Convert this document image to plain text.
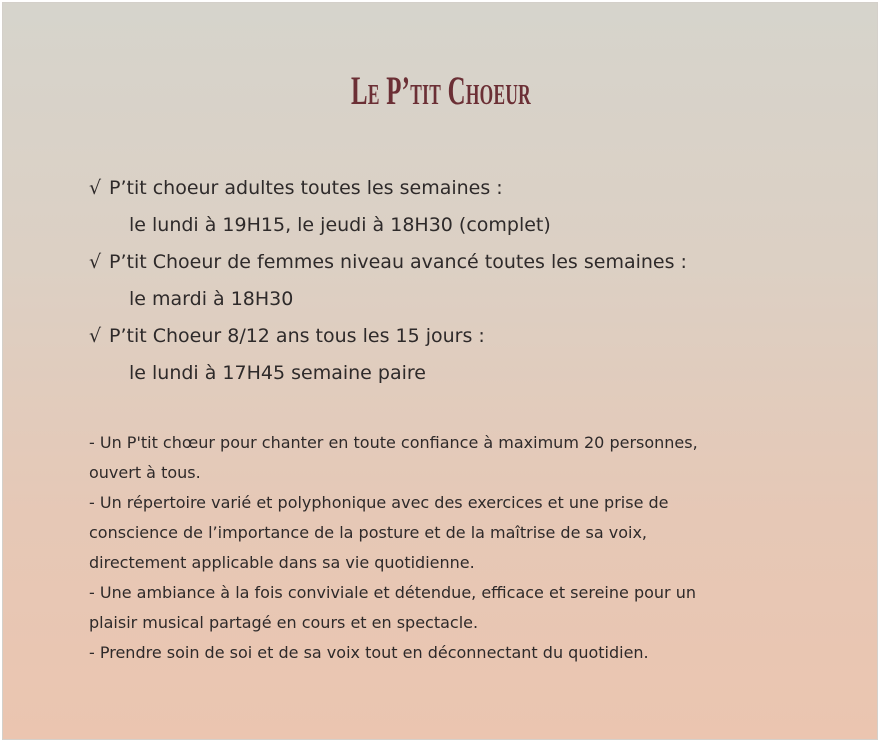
Le P’tit Choeur
√ P’tit choeur adultes toutes les semaines :
le lundi à 19H15, le jeudi à 18H30 (complet)
√ P’tit Choeur de femmes niveau avancé toutes les semaines :
le mardi à 18H30
√ P’tit Choeur 8/12 ans tous les 15 jours :
le lundi à 17H45 semaine paire
- Un P'tit chœur pour chanter en toute confiance à maximum 20 personnes,
ouvert à tous.
- Un répertoire varié et polyphonique avec des exercices et une prise de
conscience de l’importance de la posture et de la maîtrise de sa voix,
directement applicable dans sa vie quotidienne.
- Une ambiance à la fois conviviale et détendue, efficace et sereine pour un
plaisir musical partagé en cours et en spectacle.
- Prendre soin de soi et de sa voix tout en déconnectant du quotidien.
